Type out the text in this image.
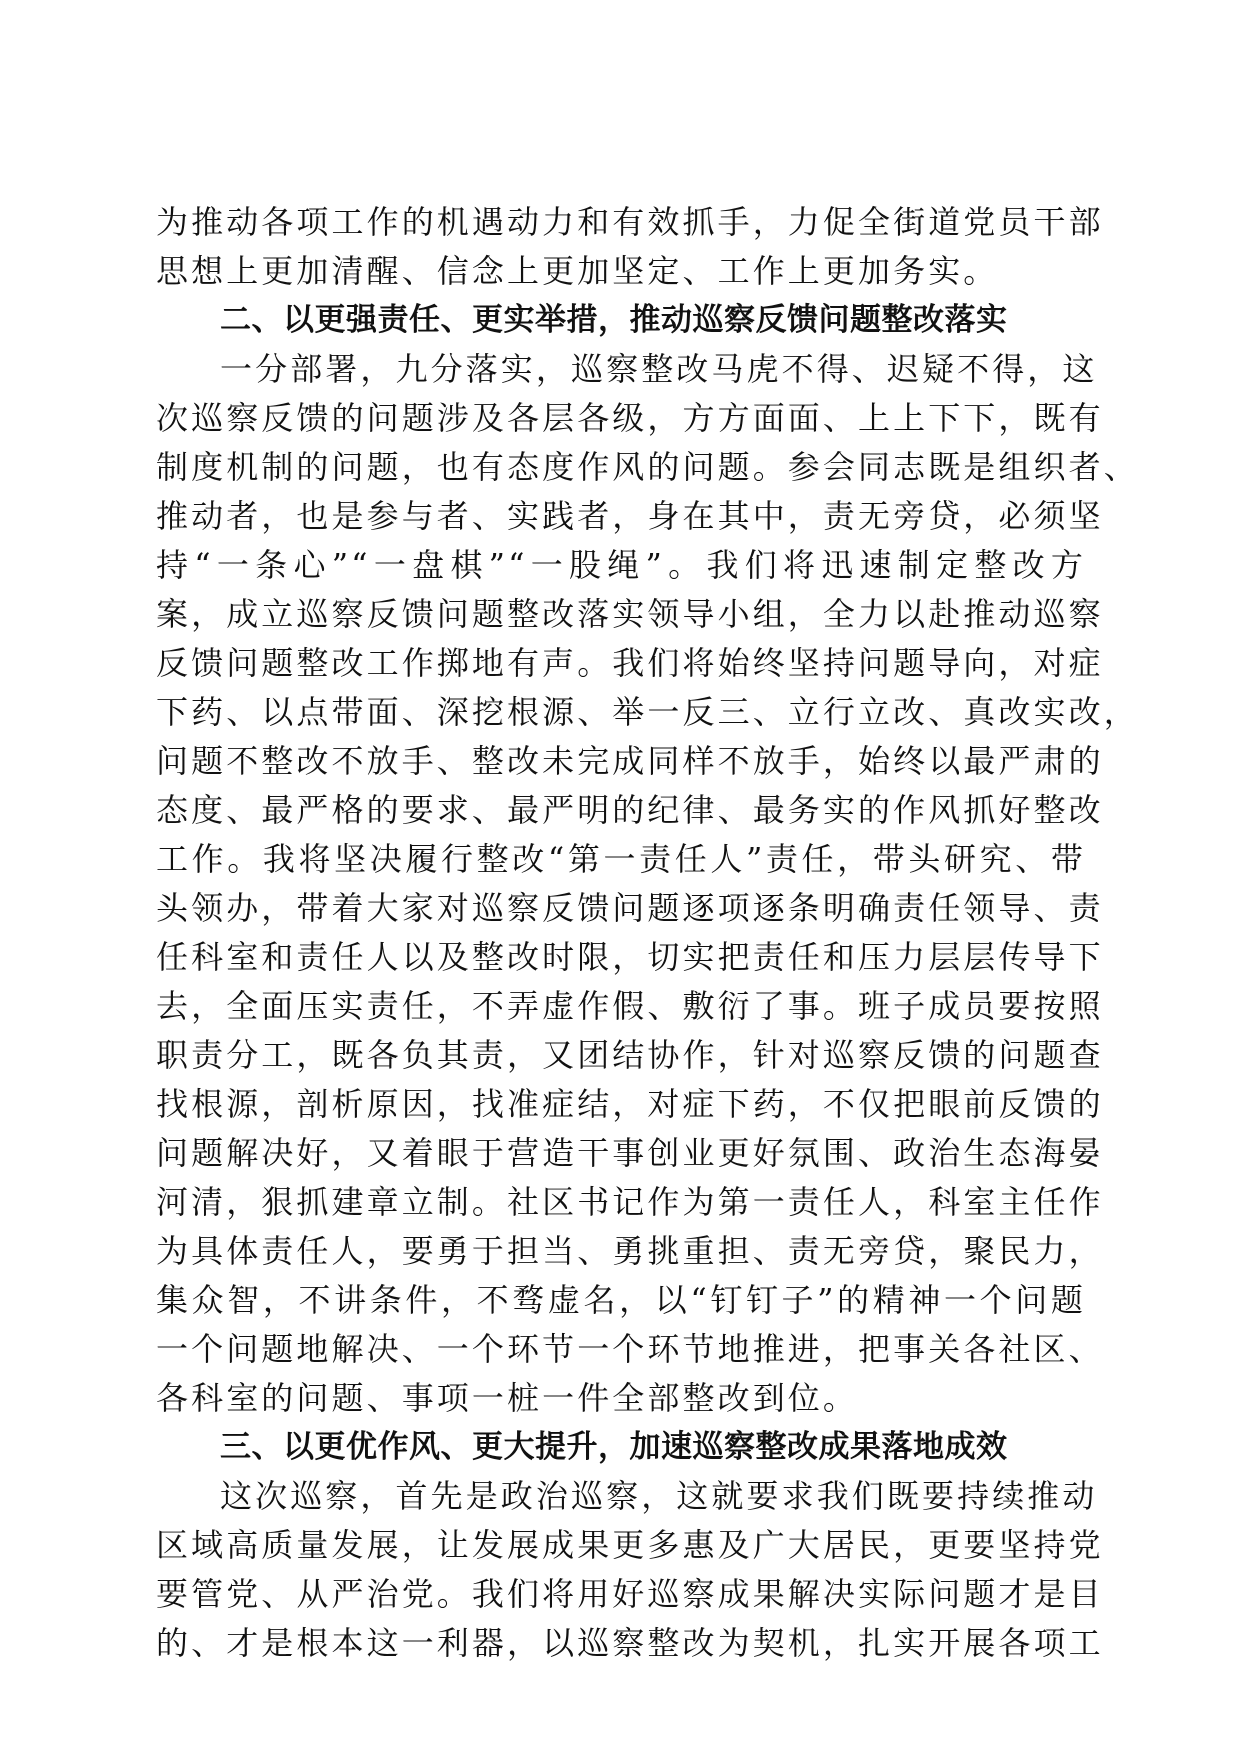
为推动各项工作的机遇动力和有效抓手，力促全街道党员干部
思想上更加清醒、信念上更加坚定、工作上更加务实。
二、以更强责任、更实举措，推动巡察反馈问题整改落实
一分部署，九分落实，巡察整改马虎不得、迟疑不得，这
次巡察反馈的问题涉及各层各级，方方面面、上上下下，既有
制度机制的问题，也有态度作风的问题。参会同志既是组织者、
推动者，也是参与者、实践者，身在其中，责无旁贷，必须坚
持“一条心”“一盘棋”“一股绳”。我们将迅速制定整改方
案，成立巡察反馈问题整改落实领导小组，全力以赴推动巡察
反馈问题整改工作掷地有声。我们将始终坚持问题导向，对症
下药、以点带面、深挖根源、举一反三、立行立改、真改实改，
问题不整改不放手、整改未完成同样不放手，始终以最严肃的
态度、最严格的要求、最严明的纪律、最务实的作风抓好整改
工作。我将坚决履行整改“第一责任人”责任，带头研究、带
头领办，带着大家对巡察反馈问题逐项逐条明确责任领导、责
任科室和责任人以及整改时限，切实把责任和压力层层传导下
去，全面压实责任，不弄虚作假、敷衍了事。班子成员要按照
职责分工，既各负其责，又团结协作，针对巡察反馈的问题查
找根源，剖析原因，找准症结，对症下药，不仅把眼前反馈的
问题解决好，又着眼于营造干事创业更好氛围、政治生态海晏
河清，狠抓建章立制。社区书记作为第一责任人，科室主任作
为具体责任人，要勇于担当、勇挑重担、责无旁贷，聚民力，
集众智，不讲条件，不骛虚名，以“钉钉子”的精神一个问题
一个问题地解决、一个环节一个环节地推进，把事关各社区、
各科室的问题、事项一桩一件全部整改到位。
三、以更优作风、更大提升，加速巡察整改成果落地成效
这次巡察，首先是政治巡察，这就要求我们既要持续推动
区域高质量发展，让发展成果更多惠及广大居民，更要坚持党
要管党、从严治党。我们将用好巡察成果解决实际问题才是目
的、才是根本这一利器，以巡察整改为契机，扎实开展各项工
